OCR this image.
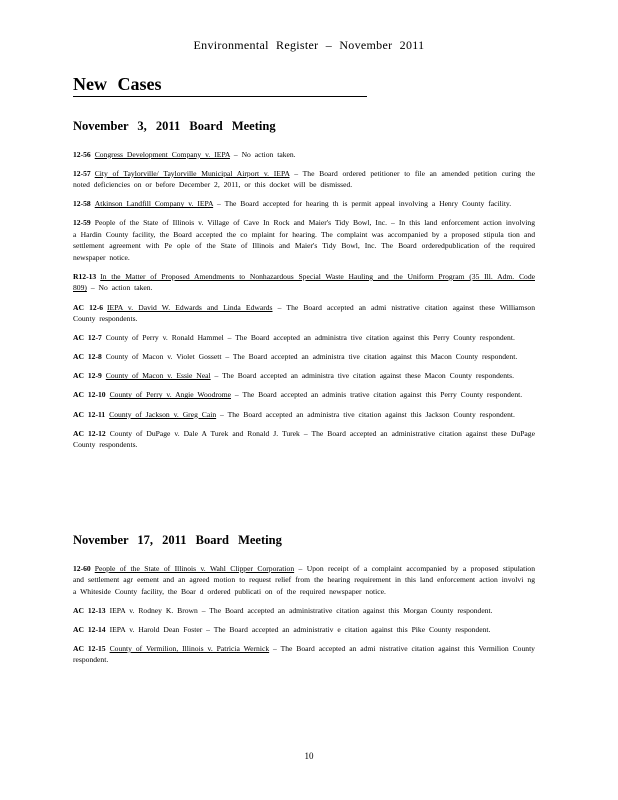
Environmental Register – November 2011
New Cases
November 3, 2011 Board Meeting

12-56 Congress Development Company v. IEPA – No action taken.

12-57 City of Taylorville/ Taylorville Municipal Airport v. IEPA – The Board ordered petitioner to file an amended petition curing the noted deficiencies on or before December 2, 2011, or this docket will be dismissed.

12-58 Atkinson Landfill Company v. IEPA – The Board accepted for hearing th is permit appeal involving a Henry County facility.

12-59 People of the State of Illinois v. Village of Cave In Rock and Maier's Tidy Bowl, Inc. – In this land enforcement action involving a Hardin County facility, the Board accepted the co mplaint for hearing. The complaint was accompanied by a proposed stipula tion and settlement agreement with Pe ople of the State of Illinois and Maier's Tidy Bowl, Inc. The Board orderedpublication of the required newspaper notice.

R12-13 In the Matter of Proposed Amendments to Nonhazardous Special Waste Hauling and the Uniform Program (35 Ill. Adm. Code 809) – No action taken.

AC 12-6 IEPA v. David W. Edwards and Linda Edwards – The Board accepted an admi nistrative citation against these Williamson County respondents.

AC 12-7 County of Perry v. Ronald Hammel – The Board accepted an administra tive citation against this Perry County respondent.

AC 12-8 County of Macon v. Violet Gossett – The Board accepted an administra tive citation against this Macon County respondent.

AC 12-9 County of Macon v. Essie Neal – The Board accepted an administra tive citation against these Macon County respondents.

AC 12-10 County of Perry v. Angie Woodrome – The Board accepted an adminis trative citation against this Perry County respondent.

AC 12-11 County of Jackson v. Greg Cain – The Board accepted an administra tive citation against this Jackson County respondent.

AC 12-12 County of DuPage v. Dale A Turek and Ronald J. Turek – The Board accepted an administrative citation against these DuPage County respondents.

November 17, 2011 Board Meeting

12-60 People of the State of Illinois v. Wahl Clipper Corporation – Upon receipt of a complaint accompanied by a proposed stipulation and settlement agr eement and an agreed motion to request relief from the hearing requirement in this land enforcement action involvi ng a Whiteside County facility, the Boar d ordered publicati on of the required newspaper notice.

AC 12-13 IEPA v. Rodney K. Brown – The Board accepted an administrative citation against this Morgan County respondent.

AC 12-14 IEPA v. Harold Dean Foster – The Board accepted an administrativ e citation against this Pike County respondent.

AC 12-15 County of Vermilion, Illinois v. Patricia Wernick – The Board accepted an admi nistrative citation against this Vermilion County respondent.

10
